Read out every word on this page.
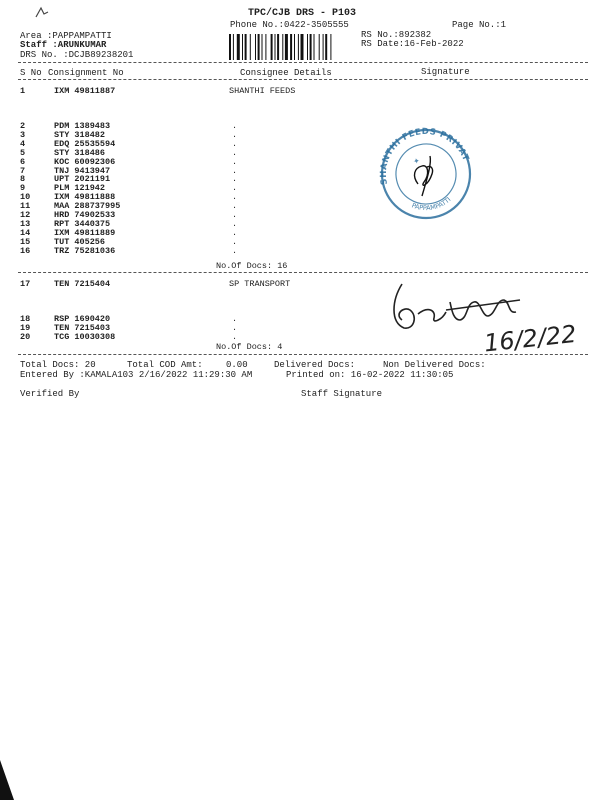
TPC/CJB DRS - P103
Phone No.:0422-3505555	Page No.:1
Area :PAPPAMPATTI	RS No.:892382
Staff :ARUNKUMAR	RS Date:16-Feb-2022
DRS No. :DCJB89238201
S No Consignment No	Consignee Details	Signature
1	IXM 49811887	SHANTHI FEEDS
2	PDM 1389483	.
3	STY 318482	.
4	EDQ 25535594	.
5	STY 318486	.
6	KOC 60092306	.
7	TNJ 9413947	.
8	UPT 2021191	.
9	PLM 121942	.
10	IXM 49811888	.
11	MAA 288737995	.
12	HRD 74902533	.
13	RPT 3440375	.
14	IXM 49811889	.
15	TUT 405256	.
16	TRZ 75281036	.
No.Of Docs: 16
17	TEN 7215404	SP TRANSPORT
18	RSP 1690420	.
19	TEN 7215403	.
20	TCG 10030308	.
No.Of Docs: 4
Total Docs: 20	Total COD Amt:	0.00	Delivered Docs:	Non Delivered Docs:
Entered By :KAMALA103 2/16/2022 11:29:30 AM	Printed on: 16-02-2022 11:30:05
Verified By	Staff Signature
SHANTHI FEEDS PRIVATE
PAPPAMPATTI
✦
16/2/22
